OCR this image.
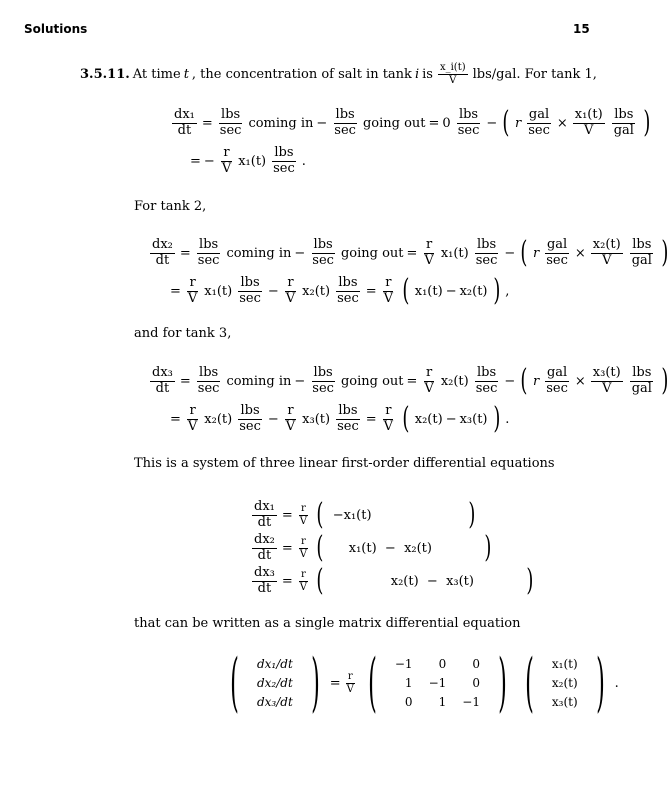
Solutions	15
3.5.11. At time t , the concentration of salt in tank i is $\frac{x\_i(t)}{V} lbs/gal$. For tank 1,
$\frac{\text{dx₁}}{dt} = \frac{\text{lbs}}{\sec}$ coming in − $\frac{\text{lbs}}{\sec}$ going out = $0 \frac{\text{lbs}}{\sec}$ − ( r $\frac{\text{gal}}{\sec} \times \frac{\text{x₁(t)}}{V} \frac{\text{lbs}}{\text{gal}}$ )
= − $\frac{r}{V} x_1(t) \frac{\text{lbs}}{\sec}$ .
For tank 2,
$\frac{\text{dx₂}}{dt} = \frac{\text{lbs}}{\sec}$ coming in − $\frac{\text{lbs}}{\sec}$ going out = $\frac{r}{V} x_1(t) \frac{\text{lbs}}{\sec}$ − ( r $\frac{\text{gal}}{\sec} \times \frac{\text{x₂(t)}}{V} \frac{\text{lbs}}{\text{gal}}$ )
= $\frac{r}{V} x_1(t) \frac{\text{lbs}}{\sec} - \frac{r}{V} x_2(t) \frac{\text{lbs}}{\sec} = \frac{r}{V}$ ( x₁(t) − x₂(t) ) ,
and for tank 3,
$\frac{\text{dx₃}}{dt} = \frac{\text{lbs}}{\sec}$ coming in − $\frac{\text{lbs}}{\sec}$ going out = $\frac{r}{V} x_2(t) \frac{\text{lbs}}{\sec}$ − ( r $\frac{\text{gal}}{\sec} \times \frac{\text{x₃(t)}}{V} \frac{\text{lbs}}{\text{gal}}$ )
= $\frac{r}{V} x_2(t) \frac{\text{lbs}}{\sec} - \frac{r}{V} x_3(t) \frac{\text{lbs}}{\sec} = \frac{r}{V}$ ( x₂(t) − x₃(t) ) .
This is a system of three linear first-order differential equations
$\frac{\text{dx₁}}{dt} = \frac{r}{V}$ ( −x₁(t)	)
$\frac{\text{dx₂}}{dt} = \frac{r}{V}$ (	x₁(t)  −  x₂(t)	)
$\frac{\text{dx₃}}{dt} = \frac{r}{V}$ (	x₂(t)  −  x₃(t)	)
that can be written as a single matrix differential equation
( dx₁/dt
dx₂/dt
dx₃/dt ) = $\frac{r}{V}$ ( −1	0	0
1	−1	0
0	1	−1 ) ( x₁(t)
x₂(t)
x₃(t) ) .
